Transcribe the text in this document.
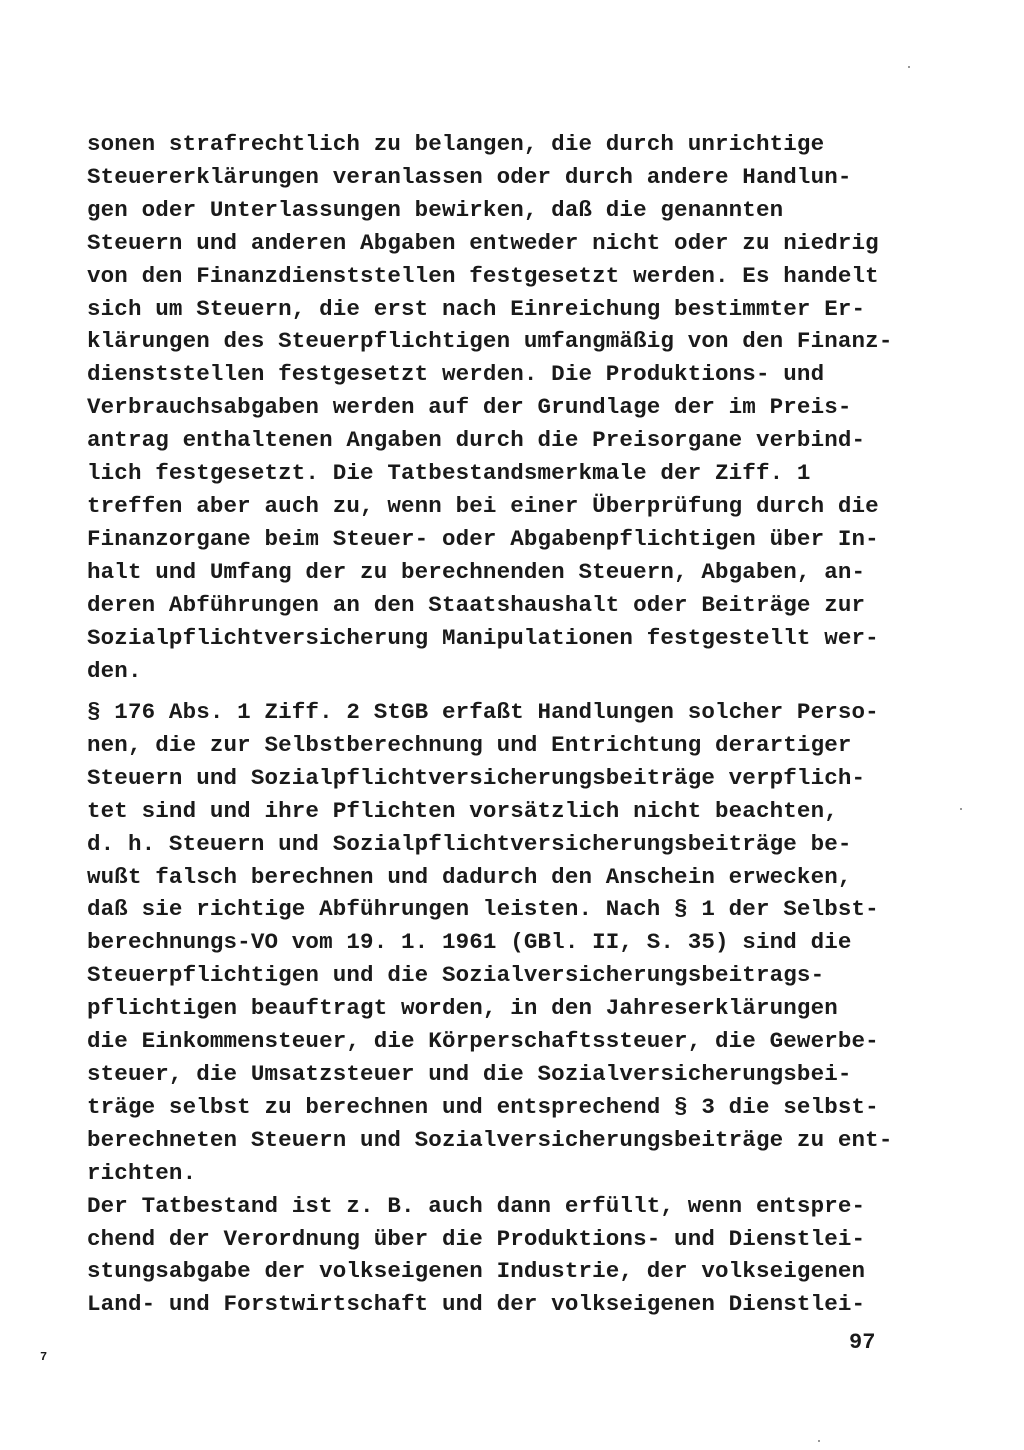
sonen strafrechtlich zu belangen, die durch unrichtige
Steuererklärungen veranlassen oder durch andere Handlun-
gen oder Unterlassungen bewirken, daß die genannten
Steuern und anderen Abgaben entweder nicht oder zu niedrig
von den Finanzdienststellen festgesetzt werden. Es handelt
sich um Steuern, die erst nach Einreichung bestimmter Er-
klärungen des Steuerpflichtigen umfangmäßig von den Finanz-
dienststellen festgesetzt werden. Die Produktions- und
Verbrauchsabgaben werden auf der Grundlage der im Preis-
antrag enthaltenen Angaben durch die Preisorgane verbind-
lich festgesetzt. Die Tatbestandsmerkmale der Ziff. 1
treffen aber auch zu, wenn bei einer Überprüfung durch die
Finanzorgane beim Steuer- oder Abgabenpflichtigen über In-
halt und Umfang der zu berechnenden Steuern, Abgaben, an-
deren Abführungen an den Staatshaushalt oder Beiträge zur
Sozialpflichtversicherung Manipulationen festgestellt wer-
den.
§ 176 Abs. 1 Ziff. 2 StGB erfaßt Handlungen solcher Perso-
nen, die zur Selbstberechnung und Entrichtung derartiger
Steuern und Sozialpflichtversicherungsbeiträge verpflich-
tet sind und ihre Pflichten vorsätzlich nicht beachten,
d. h. Steuern und Sozialpflichtversicherungsbeiträge be-
wußt falsch berechnen und dadurch den Anschein erwecken,
daß sie richtige Abführungen leisten. Nach § 1 der Selbst-
berechnungs-VO vom 19. 1. 1961 (GBl. II, S. 35) sind die
Steuerpflichtigen und die Sozialversicherungsbeitrags-
pflichtigen beauftragt worden, in den Jahreserklärungen
die Einkommensteuer, die Körperschaftssteuer, die Gewerbe-
steuer, die Umsatzsteuer und die Sozialversicherungsbei-
träge selbst zu berechnen und entsprechend § 3 die selbst-
berechneten Steuern und Sozialversicherungsbeiträge zu ent-
richten.
Der Tatbestand ist z. B. auch dann erfüllt, wenn entspre-
chend der Verordnung über die Produktions- und Dienstlei-
stungsabgabe der volkseigenen Industrie, der volkseigenen
Land- und Forstwirtschaft und der volkseigenen Dienstlei-
97
7
